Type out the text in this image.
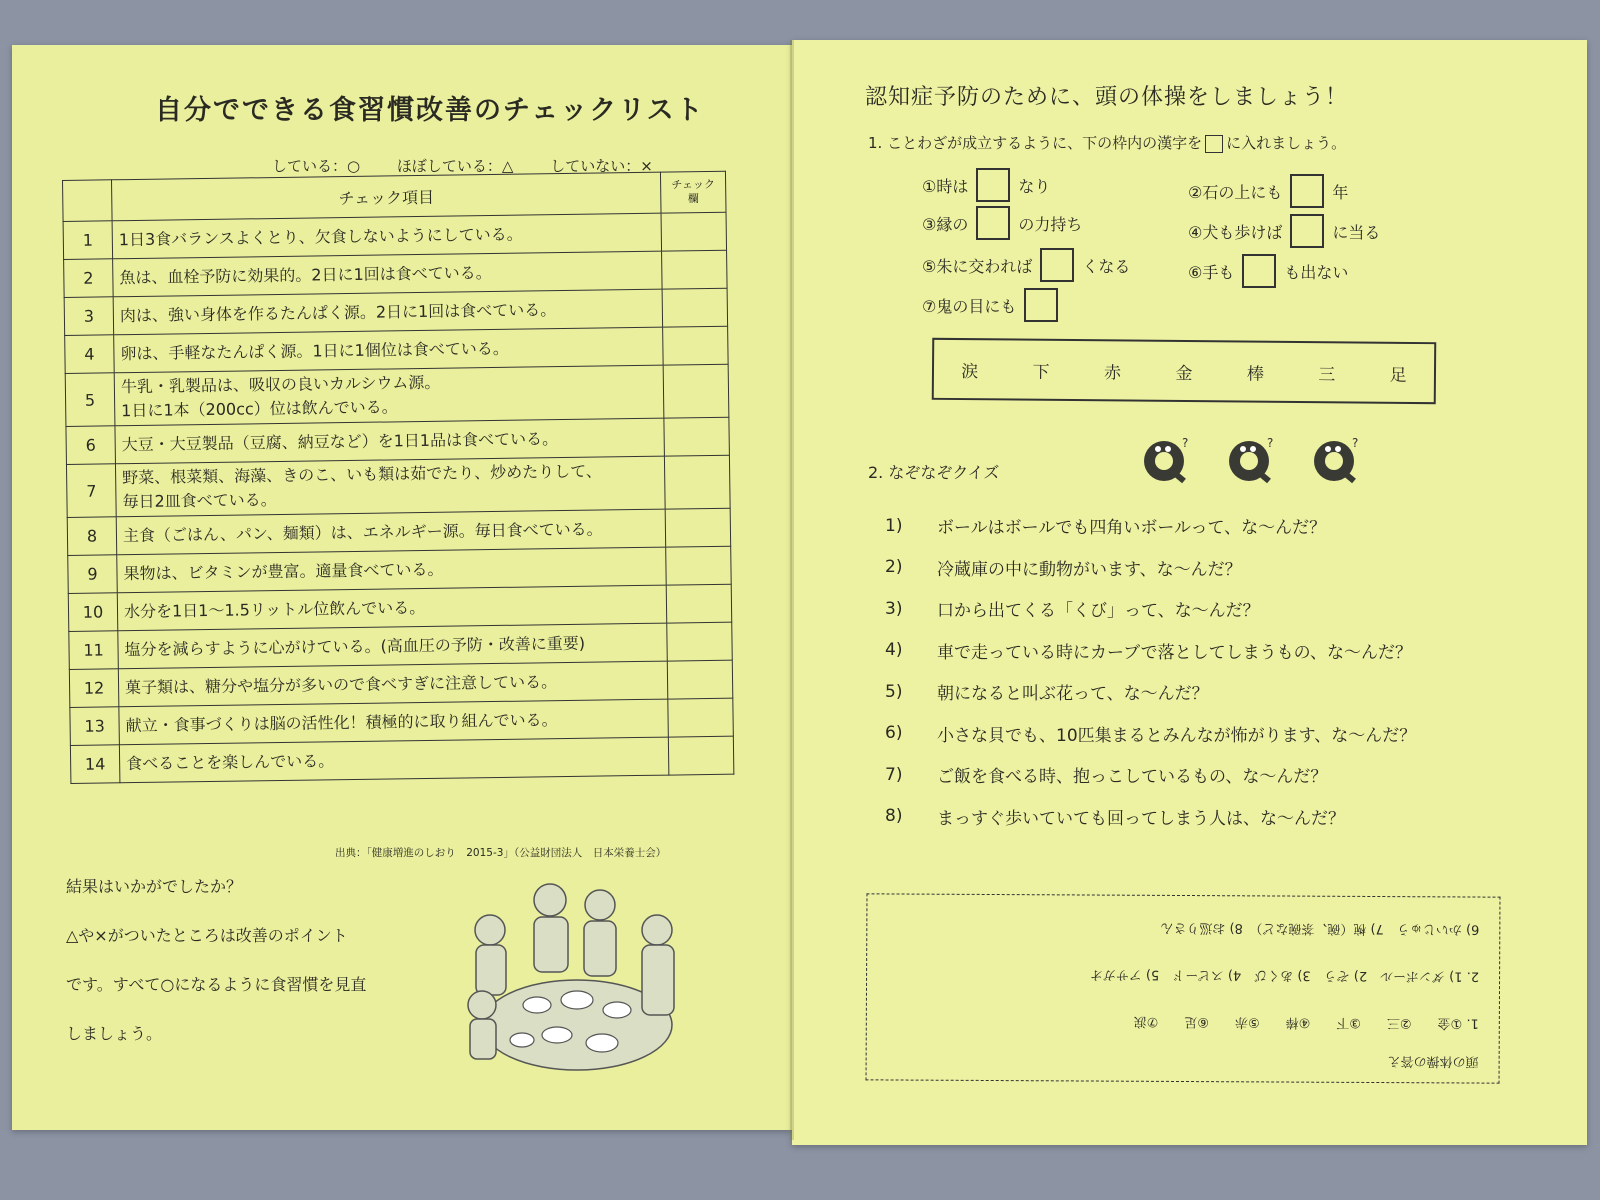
自分でできる食習慣改善のチェックリスト
している：○ ほぼしている：△ していない：×
	チェック項目	チェック欄
1	1日3食バランスよくとり、欠食しないようにしている。	
2	魚は、血栓予防に効果的。2日に1回は食べている。	
3	肉は、強い身体を作るたんぱく源。2日に1回は食べている。	
4	卵は、手軽なたんぱく源。1日に1個位は食べている。	
5	牛乳・乳製品は、吸収の良いカルシウム源。
1日に1本（200cc）位は飲んでいる。	
6	大豆・大豆製品（豆腐、納豆など）を1日1品は食べている。	
7	野菜、根菜類、海藻、きのこ、いも類は茹でたり、炒めたりして、
毎日2皿食べている。	
8	主食（ごはん、パン、麺類）は、エネルギー源。毎日食べている。	
9	果物は、ビタミンが豊富。適量食べている。	
10	水分を1日1～1.5リットル位飲んでいる。	
11	塩分を減らすように心がけている。(高血圧の予防・改善に重要)	
12	菓子類は、糖分や塩分が多いので食べすぎに注意している。	
13	献立・食事づくりは脳の活性化！積極的に取り組んでいる。	
14	食べることを楽しんでいる。	
出典：「健康増進のしおり　2015-3」（公益財団法人　日本栄養士会）
結果はいかがでしたか？
△や×がついたところは改善のポイント
です。すべて○になるように食習慣を見直
しましょう。
認知症予防のために、頭の体操をしましょう！
1. ことわざが成立するように、下の枠内の漢字を に入れましょう。
①時は	なり	②石の上にも	年
③縁の	の力持ち	④犬も歩けば	に当る
⑤朱に交われば	くなる	⑥手も	も出ない
⑦鬼の目にも
涙	下	赤	金	棒	三	足
2. なぞなぞクイズ
?	?	?
1)	ボールはボールでも四角いボールって、な～んだ？
2)	冷蔵庫の中に動物がいます、な～んだ？
3)	口から出てくる「くび」って、な～んだ？
4)	車で走っている時にカーブで落としてしまうもの、な～んだ？
5)	朝になると叫ぶ花って、な～んだ？
6)	小さな貝でも、10匹集まるとみんなが怖がります、な～んだ？
7)	ご飯を食べる時、抱っこしているもの、な～んだ？
8)	まっすぐ歩いていても回ってしまう人は、な～んだ？
頭の体操の答え
1. ①金　　②三　　③下　　④棒　　⑤赤　　⑥足　　⑦涙
2. 1) ダンボール　2) ぞう　3) あくび　4) スピード　5) アサガオ
6) かいじゅう　7) 椀（碗、茶碗など）　8) お巡りさん
